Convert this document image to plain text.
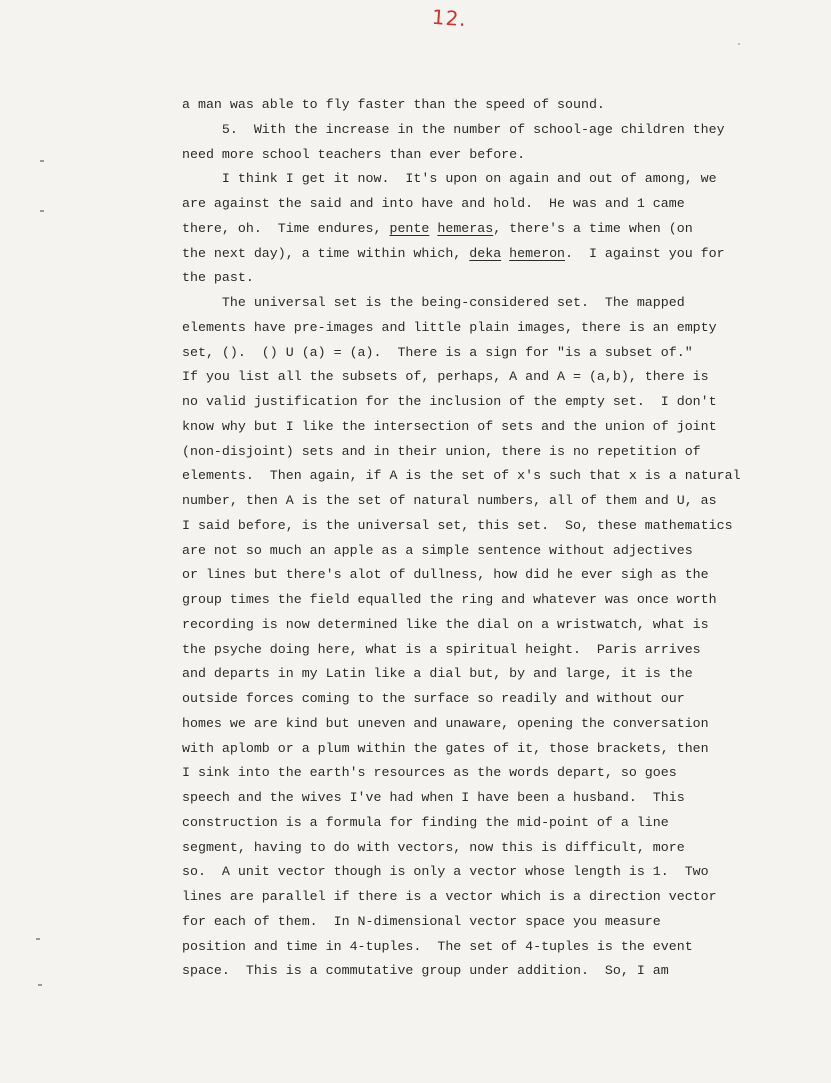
12.
a man was able to fly faster than the speed of sound.
5.  With the increase in the number of school-age children they
need more school teachers than ever before.
I think I get it now.  It's upon on again and out of among, we
are against the said and into have and hold.  He was and 1 came
there, oh.  Time endures, pente hemeras, there's a time when (on
the next day), a time within which, deka hemeron.  I against you for
the past.
The universal set is the being-considered set.  The mapped
elements have pre-images and little plain images, there is an empty
set, ().  () U (a) = (a).  There is a sign for "is a subset of."
If you list all the subsets of, perhaps, A and A = (a,b), there is
no valid justification for the inclusion of the empty set.  I don't
know why but I like the intersection of sets and the union of joint
(non-disjoint) sets and in their union, there is no repetition of
elements.  Then again, if A is the set of x's such that x is a natural
number, then A is the set of natural numbers, all of them and U, as
I said before, is the universal set, this set.  So, these mathematics
are not so much an apple as a simple sentence without adjectives
or lines but there's alot of dullness, how did he ever sigh as the
group times the field equalled the ring and whatever was once worth
recording is now determined like the dial on a wristwatch, what is
the psyche doing here, what is a spiritual height.  Paris arrives
and departs in my Latin like a dial but, by and large, it is the
outside forces coming to the surface so readily and without our
homes we are kind but uneven and unaware, opening the conversation
with aplomb or a plum within the gates of it, those brackets, then
I sink into the earth's resources as the words depart, so goes
speech and the wives I've had when I have been a husband.  This
construction is a formula for finding the mid-point of a line
segment, having to do with vectors, now this is difficult, more
so.  A unit vector though is only a vector whose length is 1.  Two
lines are parallel if there is a vector which is a direction vector
for each of them.  In N-dimensional vector space you measure
position and time in 4-tuples.  The set of 4-tuples is the event
space.  This is a commutative group under addition.  So, I am
